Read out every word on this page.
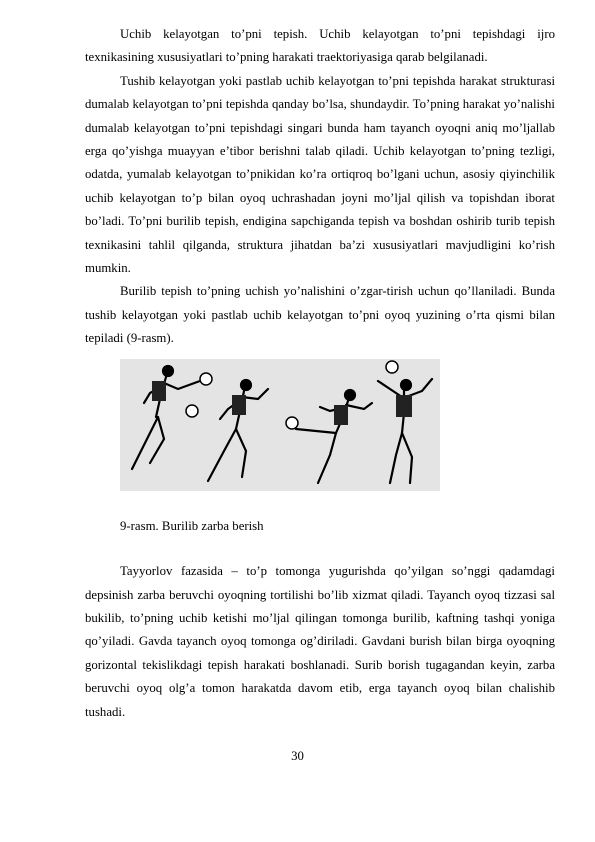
Uchib kelayotgan to’pni tepish. Uchib kelayotgan to’pni tepishdagi ijro texnikasining xususiyatlari to’pning harakati traektoriyasiga qarab belgilanadi.

Tushib kelayotgan yoki pastlab uchib kelayotgan to’pni tepishda harakat strukturasi dumalab kelayotgan to’pni tepishda qanday bo’lsa, shundaydir. To’pning harakat yo’nalishi dumalab kelayotgan to’pni tepishdagi singari bunda ham tayanch oyoqni aniq mo’ljallab erga qo’yishga muayyan e’tibor berishni talab qiladi. Uchib kelayotgan to’pning tezligi, odatda, yumalab kelayotgan to’pnikidan ko’ra ortiqroq bo’lgani uchun, asosiy qiyinchilik uchib kelayotgan to’p bilan oyoq uchrashadan joyni mo’ljal qilish va topishdan iborat bo’ladi. To’pni burilib tepish, endigina sapchiganda tepish va boshdan oshirib turib tepish texnikasini tahlil qilganda, struktura jihatdan ba’zi xususiyatlari mavjudligini ko’rish mumkin.

Burilib tepish to’pning uchish yo’nalishini o’zgar-tirish uchun qo’llaniladi. Bunda tushib kelayotgan yoki pastlab uchib kelayotgan to’pni oyoq yuzining o’rta qismi bilan tepiladi (9-rasm).

9-rasm. Burilib zarba berish

Tayyorlov fazasida – to’p tomonga yugurishda qo’yilgan so’nggi qadamdagi depsinish zarba beruvchi oyoqning tortilishi bo’lib xizmat qiladi. Tayanch oyoq tizzasi sal bukilib, to’pning uchib ketishi mo’ljal qilingan tomonga burilib, kaftning tashqi yoniga qo’yiladi. Gavda tayanch oyoq tomonga og’diriladi. Gavdani burish bilan birga oyoqning gorizontal tekislikdagi tepish harakati boshlanadi. Surib borish tugagandan keyin, zarba beruvchi oyoq olg’a tomon harakatda davom etib, erga tayanch oyoq bilan chalishib tushadi.

30
